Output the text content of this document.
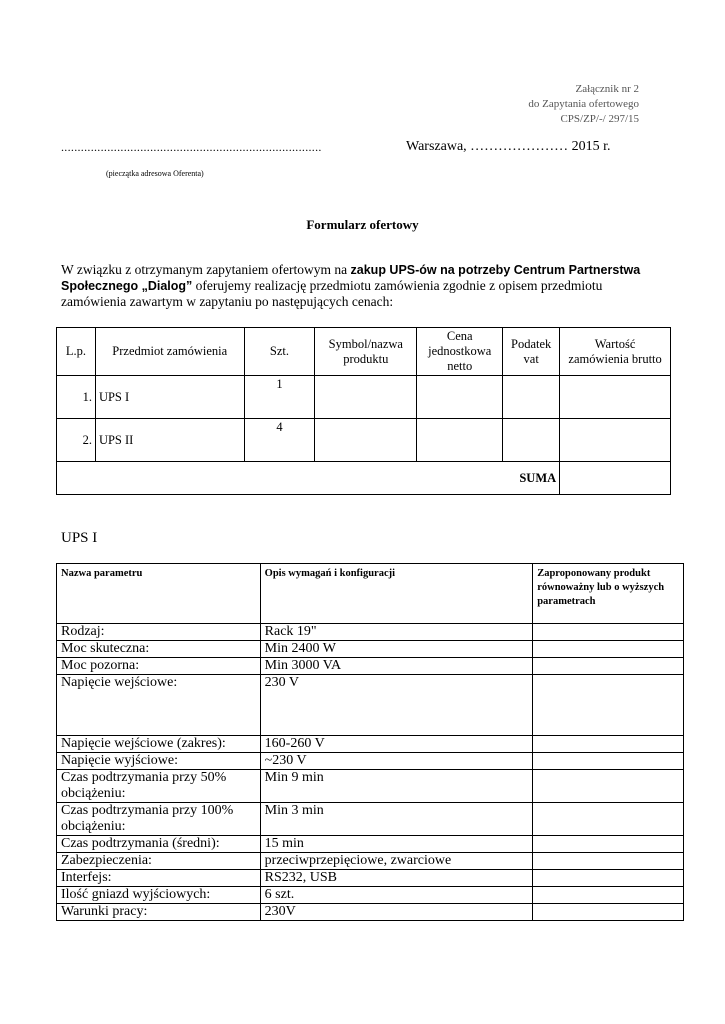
Załącznik nr 2
do Zapytania ofertowego
CPS/ZP/-/ 297/15
...............................................................................	Warszawa, ………………… 2015 r.
(pieczątka adresowa Oferenta)
Formularz ofertowy
W związku z otrzymanym zapytaniem ofertowym na zakup UPS-ów na potrzeby Centrum Partnerstwa Społecznego „Dialog” oferujemy realizację przedmiotu zamówienia zgodnie z opisem przedmiotu zamówienia zawartym w zapytaniu po następujących cenach:
L.p.	Przedmiot zamówienia	Szt.	Symbol/nazwa produktu	Cena jednostkowa netto	Podatek vat	Wartość zamówienia brutto
1.	UPS I	1				
2.	UPS II	4				
SUMA						
UPS I
Nazwa parametru	Opis wymagań i konfiguracji	Zaproponowany produkt równoważny lub o wyższych parametrach
Rodzaj:	Rack 19"	
Moc skuteczna:	Min 2400 W	
Moc pozorna:	Min 3000 VA	
Napięcie wejściowe:	230 V	
Napięcie wejściowe (zakres):	160-260 V	
Napięcie wyjściowe:	~230 V	
Czas podtrzymania przy 50% obciążeniu:	Min 9 min	
Czas podtrzymania przy 100% obciążeniu:	Min 3 min	
Czas podtrzymania (średni):	15 min	
Zabezpieczenia:	przeciwprzepięciowe, zwarciowe	
Interfejs:	RS232, USB	
Ilość gniazd wyjściowych:	6 szt.	
Warunki pracy:	230V	
